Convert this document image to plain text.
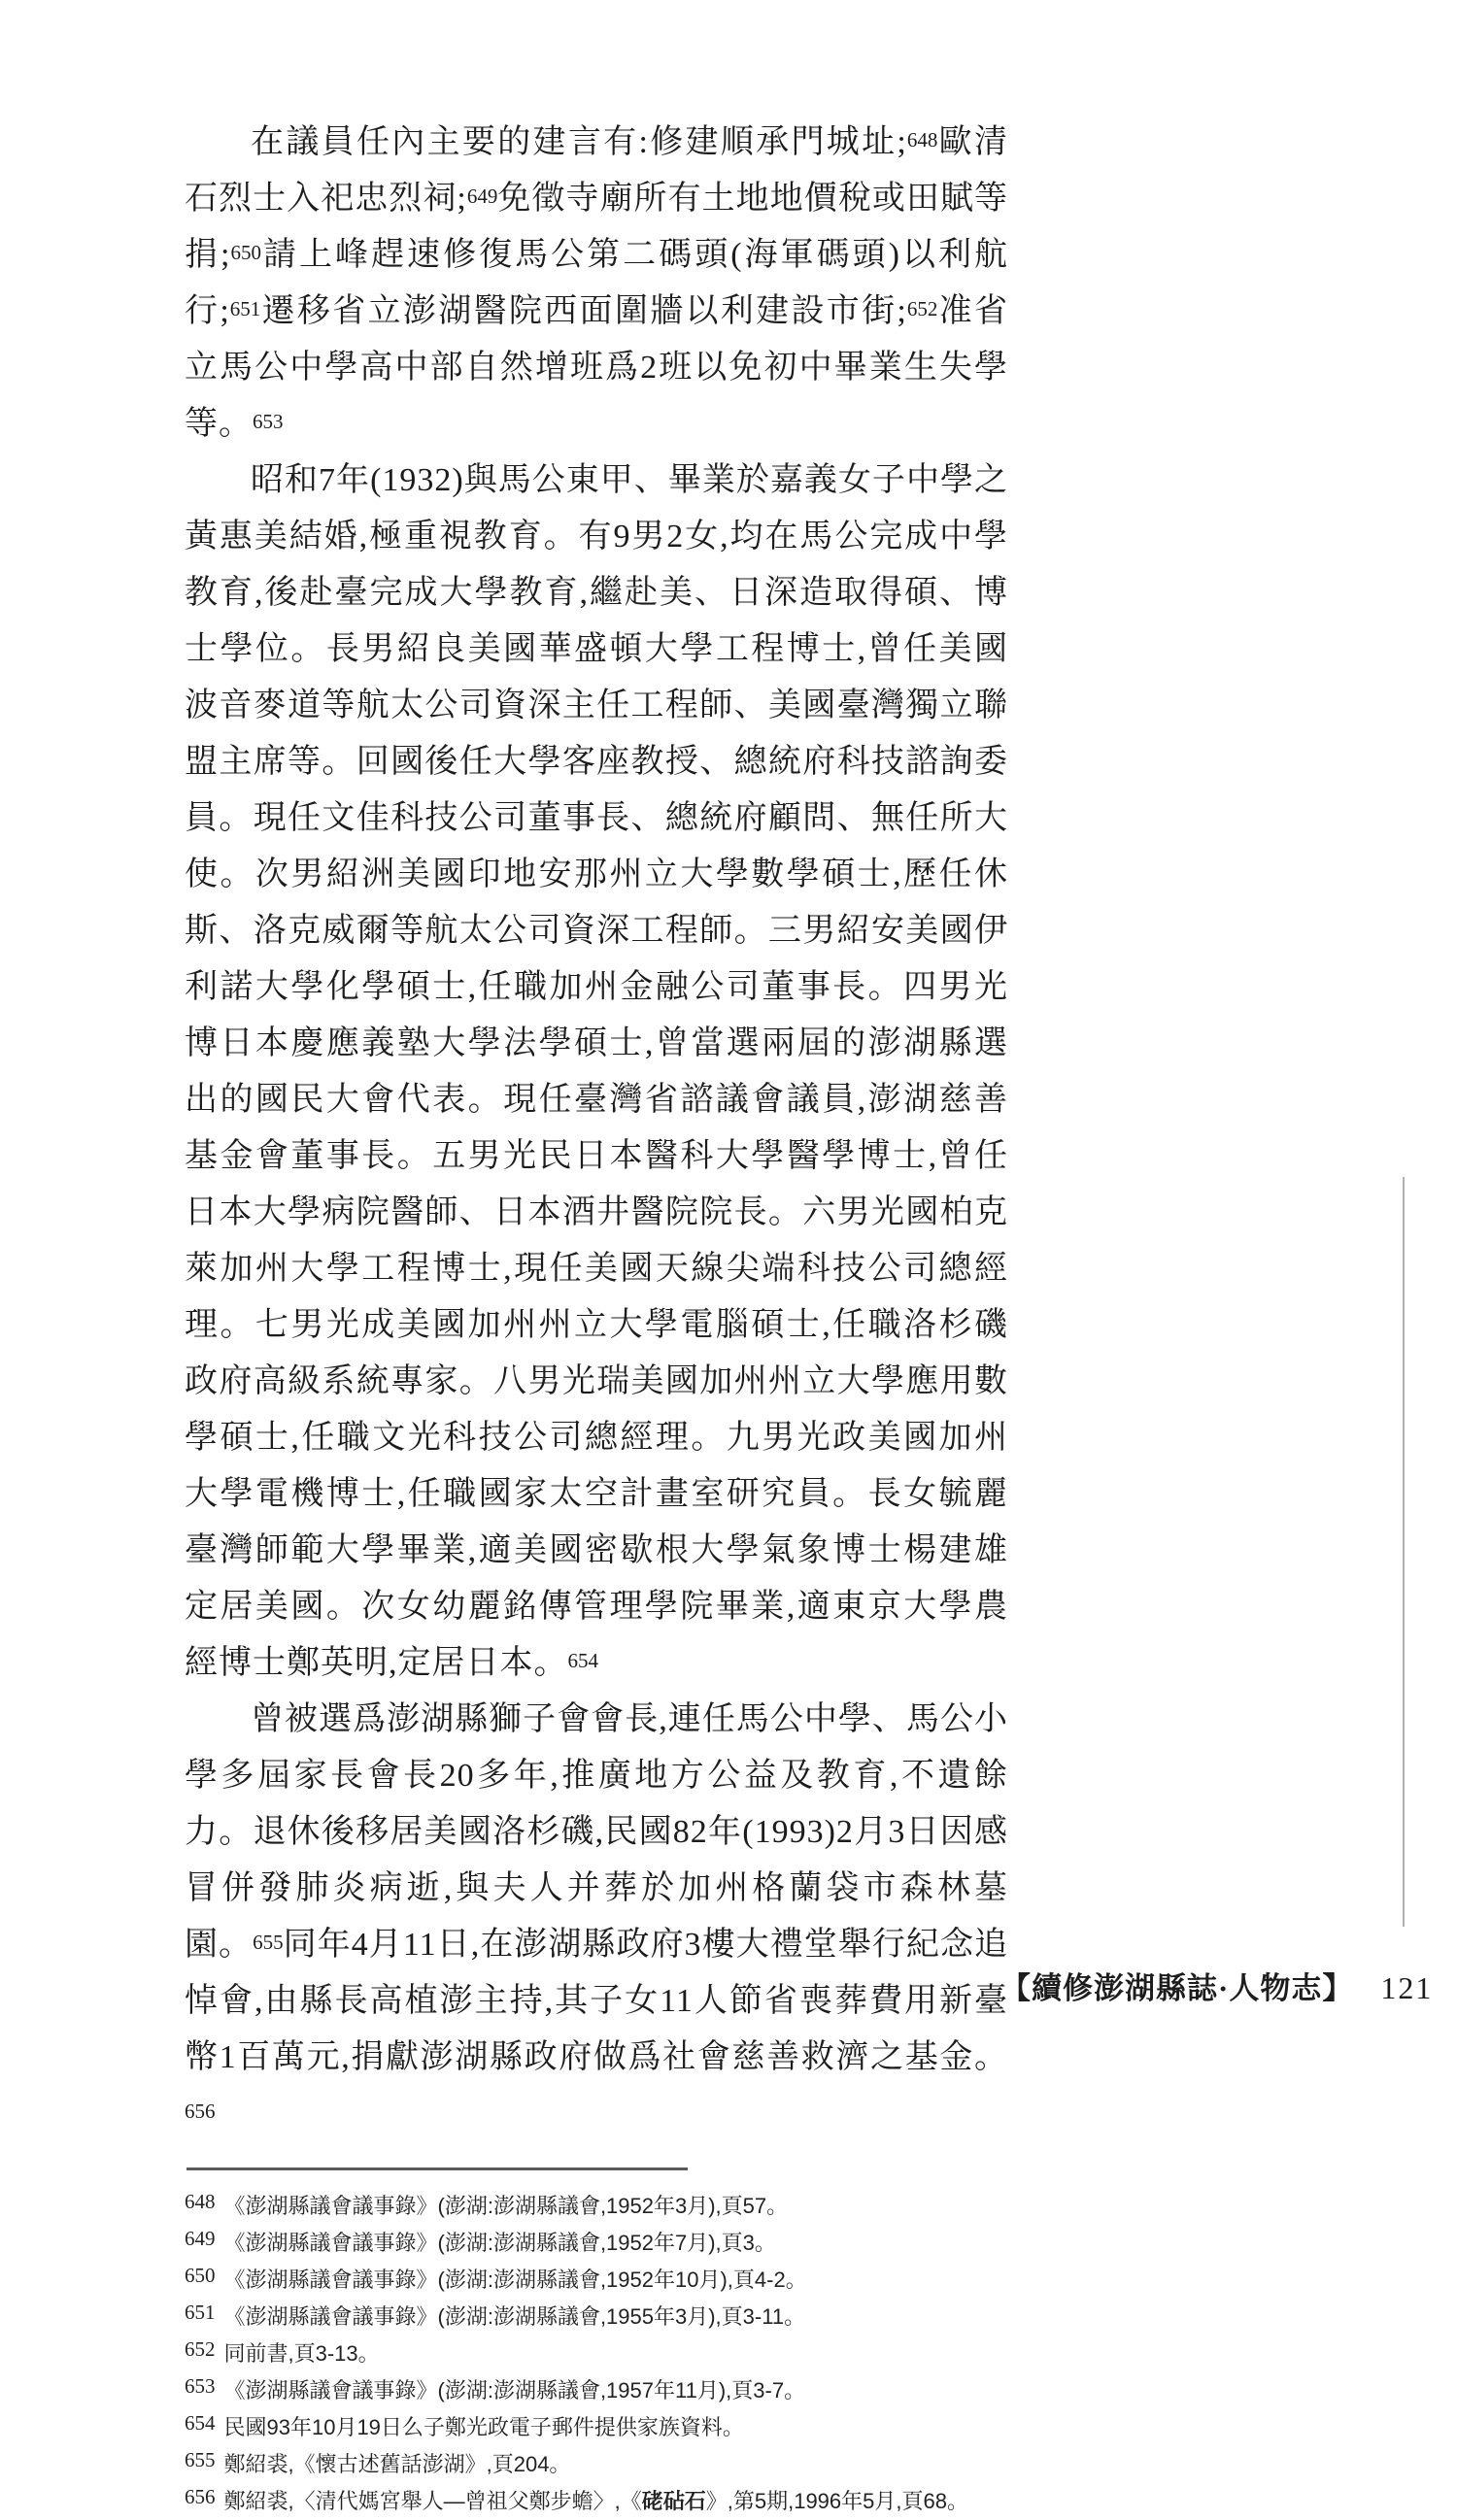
在議員任內主要的建言有:修建順承門城址;$^{648}$歐清石烈士入祀忠烈祠;$^{649}$免徵寺廟所有土地地價稅或田賦等捐;$^{650}$請上峰趕速修復馬公第二碼頭(海軍碼頭)以利航行;$^{651}$遷移省立澎湖醫院西面圍牆以利建設市街;$^{652}$准省立馬公中學高中部自然增班爲2班以免初中畢業生失學等。$^{653}$

昭和7年(1932)與馬公東甲、畢業於嘉義女子中學之黃惠美結婚,極重視教育。有9男2女,均在馬公完成中學教育,後赴臺完成大學教育,繼赴美、日深造取得碩、博士學位。長男紹良美國華盛頓大學工程博士,曾任美國波音麥道等航太公司資深主任工程師、美國臺灣獨立聯盟主席等。回國後任大學客座教授、總統府科技諮詢委員。現任文佳科技公司董事長、總統府顧問、無任所大使。次男紹洲美國印地安那州立大學數學碩士,歷任休斯、洛克威爾等航太公司資深工程師。三男紹安美國伊利諾大學化學碩士,任職加州金融公司董事長。四男光博日本慶應義塾大學法學碩士,曾當選兩屆的澎湖縣選出的國民大會代表。現任臺灣省諮議會議員,澎湖慈善基金會董事長。五男光民日本醫科大學醫學博士,曾任日本大學病院醫師、日本酒井醫院院長。六男光國柏克萊加州大學工程博士,現任美國天線尖端科技公司總經理。七男光成美國加州州立大學電腦碩士,任職洛杉磯政府高級系統專家。八男光瑞美國加州州立大學應用數學碩士,任職文光科技公司總經理。九男光政美國加州大學電機博士,任職國家太空計畫室研究員。長女毓麗臺灣師範大學畢業,適美國密歇根大學氣象博士楊建雄定居美國。次女幼麗銘傳管理學院畢業,適東京大學農經博士鄭英明,定居日本。$^{654}$

曾被選爲澎湖縣獅子會會長,連任馬公中學、馬公小學多屆家長會長20多年,推廣地方公益及教育,不遺餘力。退休後移居美國洛杉磯,民國82年(1993)2月3日因感冒併發肺炎病逝,與夫人并葬於加州格蘭袋市森林墓園。$^{655}$同年4月11日,在澎湖縣政府3樓大禮堂舉行紀念追悼會,由縣長高植澎主持,其子女11人節省喪葬費用新臺幣1百萬元,捐獻澎湖縣政府做爲社會慈善救濟之基金。$^{656}$

648 《澎湖縣議會議事錄》(澎湖:澎湖縣議會,1952年3月),頁57。
649 《澎湖縣議會議事錄》(澎湖:澎湖縣議會,1952年7月),頁3。
650 《澎湖縣議會議事錄》(澎湖:澎湖縣議會,1952年10月),頁4-2。
651 《澎湖縣議會議事錄》(澎湖:澎湖縣議會,1955年3月),頁3-11。
652 同前書,頁3-13。
653 《澎湖縣議會議事錄》(澎湖:澎湖縣議會,1957年11月),頁3-7。
654 民國93年10月19日么子鄭光政電子郵件提供家族資料。
655 鄭紹裘,《懷古述舊話澎湖》,頁204。
656 鄭紹裘,〈清代媽宮舉人—曾祖父鄭步蟾〉,《硓砧石》,第5期,1996年5月,頁68。
【續修澎湖縣誌·人物志】 121
